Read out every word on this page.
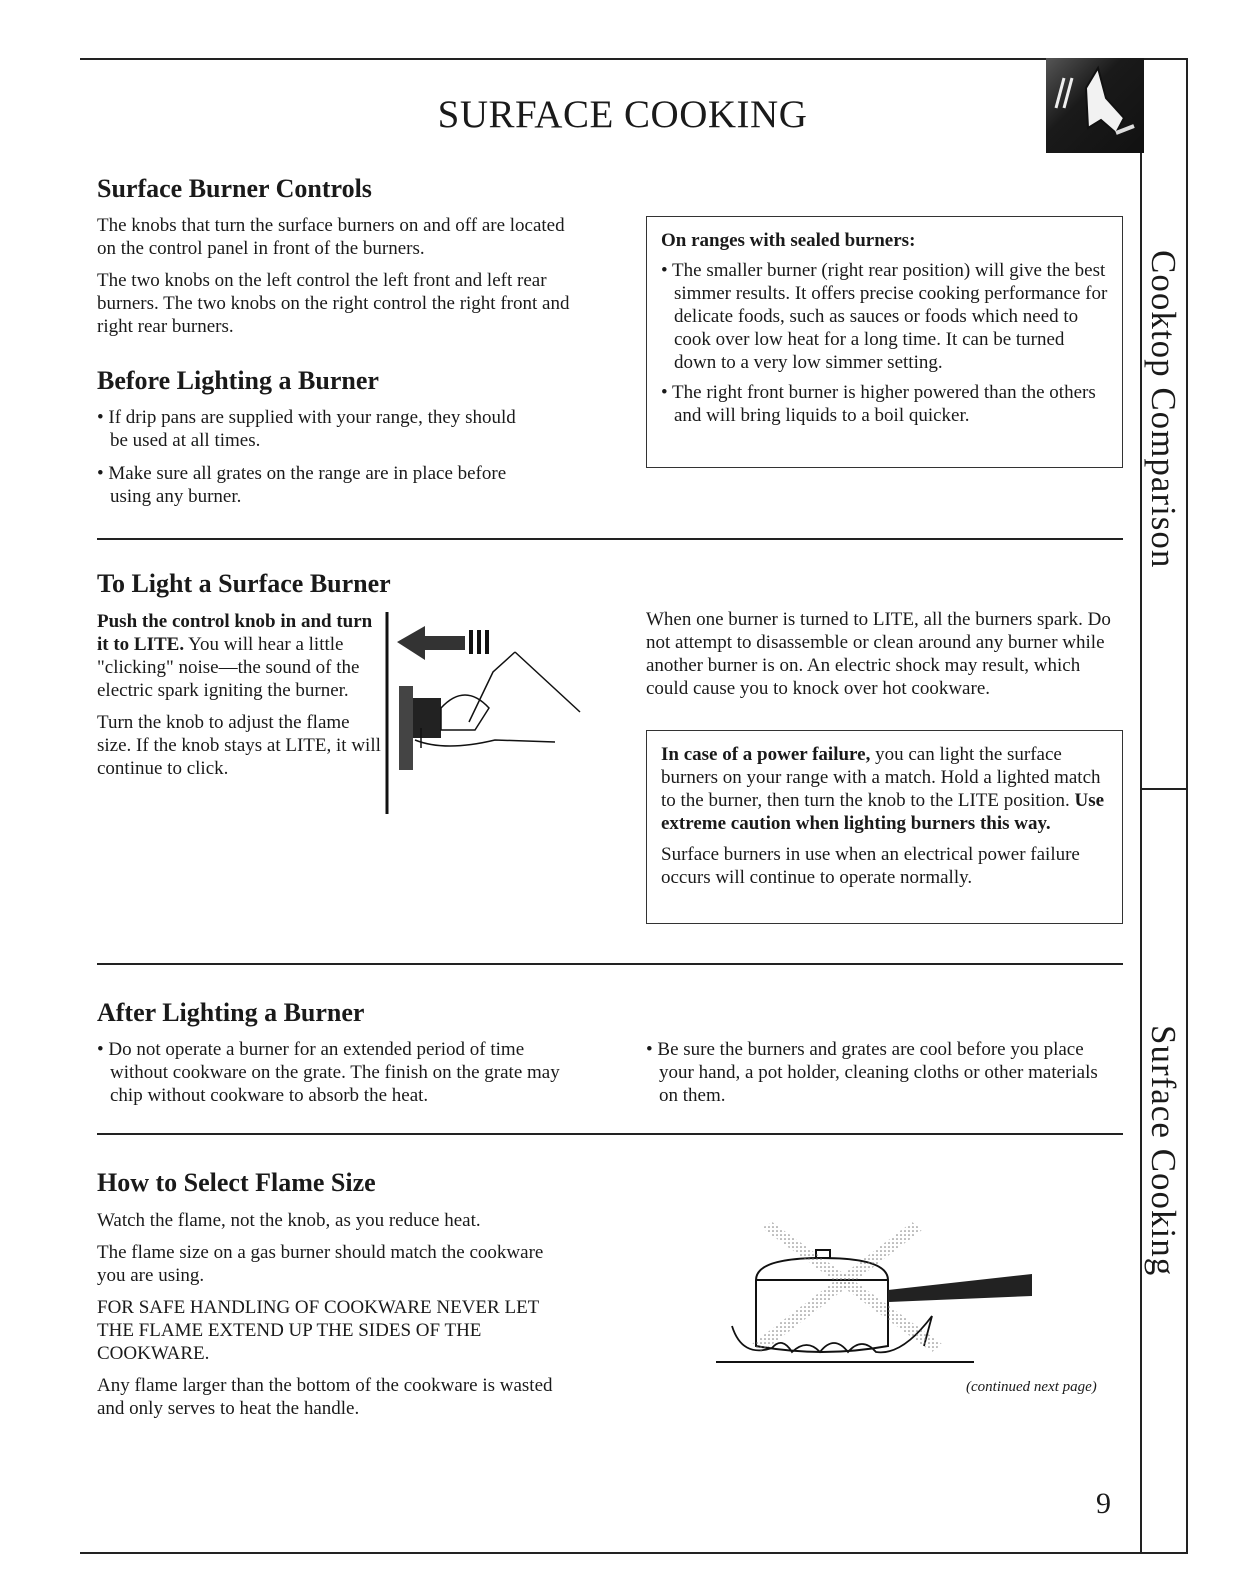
SURFACE COOKING
Cooktop Comparison
Surface Cooking
Surface Burner Controls

The knobs that turn the surface burners on and off are located on the control panel in front of the burners.

The two knobs on the left control the left front and left rear burners. The two knobs on the right control the right front and right rear burners.

On ranges with sealed burners:

• The smaller burner (right rear position) will give the best simmer results. It offers precise cooking performance for delicate foods, such as sauces or foods which need to cook over low heat for a long time. It can be turned down to a very low simmer setting.

• The right front burner is higher powered than the others and will bring liquids to a boil quicker.

Before Lighting a Burner

• If drip pans are supplied with your range, they should be used at all times.

• Make sure all grates on the range are in place before using any burner.

To Light a Surface Burner

Push the control knob in and turn it to LITE. You will hear a little "clicking" noise—the sound of the electric spark igniting the burner.

Turn the knob to adjust the flame size. If the knob stays at LITE, it will continue to click.

When one burner is turned to LITE, all the burners spark. Do not attempt to disassemble or clean around any burner while another burner is on. An electric shock may result, which could cause you to knock over hot cookware.

In case of a power failure, you can light the surface burners on your range with a match. Hold a lighted match to the burner, then turn the knob to the LITE position. Use extreme caution when lighting burners this way.

Surface burners in use when an electrical power failure occurs will continue to operate normally.

After Lighting a Burner

• Do not operate a burner for an extended period of time without cookware on the grate. The finish on the grate may chip without cookware to absorb the heat.

• Be sure the burners and grates are cool before you place your hand, a pot holder, cleaning cloths or other materials on them.

How to Select Flame Size

Watch the flame, not the knob, as you reduce heat.

The flame size on a gas burner should match the cookware you are using.

FOR SAFE HANDLING OF COOKWARE NEVER LET THE FLAME EXTEND UP THE SIDES OF THE COOKWARE.

Any flame larger than the bottom of the cookware is wasted and only serves to heat the handle.

(continued next page)
9
